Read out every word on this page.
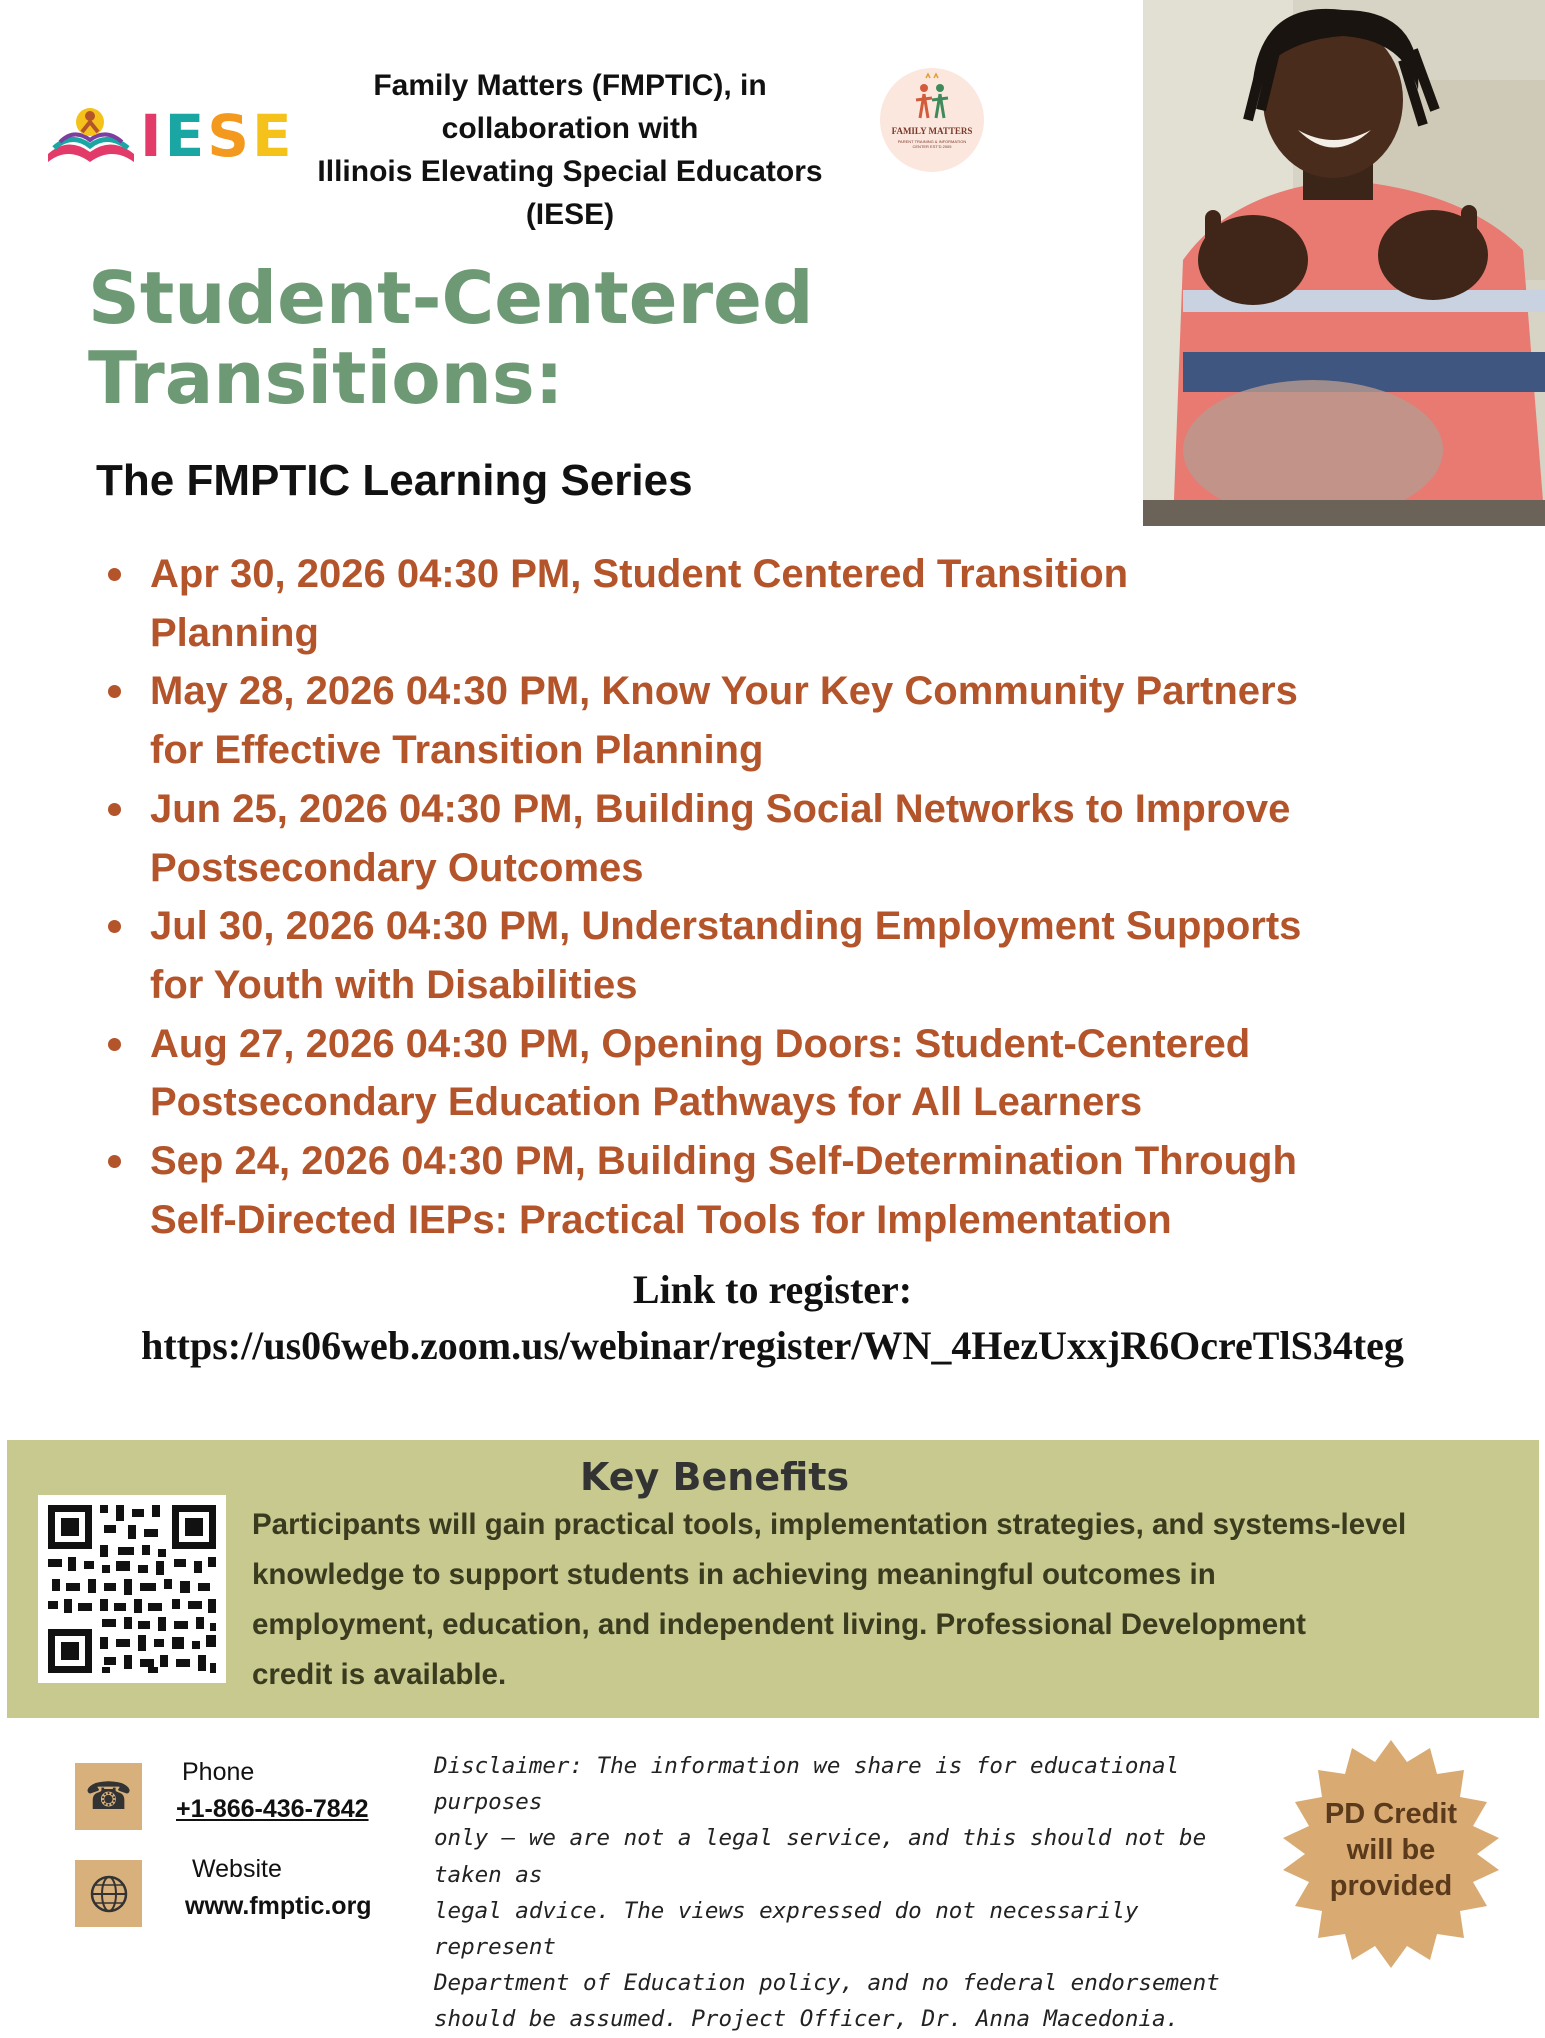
IESE
Family Matters (FMPTIC), in
collaboration with
Illinois Elevating Special Educators
(IESE)
FAMILY MATTERS
PARENT TRAINING & INFORMATION CENTER EST'D 2005
Student-Centered
Transitions:
The FMPTIC Learning Series
Apr 30, 2026 04:30 PM, Student Centered Transition
Planning
May 28, 2026 04:30 PM, Know Your Key Community Partners
for Effective Transition Planning
Jun 25, 2026 04:30 PM, Building Social Networks to Improve
Postsecondary Outcomes
Jul 30, 2026 04:30 PM, Understanding Employment Supports
for Youth with Disabilities
Aug 27, 2026 04:30 PM, Opening Doors: Student-Centered
Postsecondary Education Pathways for All Learners
Sep 24, 2026 04:30 PM, Building Self-Determination Through
Self-Directed IEPs: Practical Tools for Implementation
Link to register:
https://us06web.zoom.us/webinar/register/WN_4HezUxxjR6OcreTlS34teg
Key Benefits
Participants will gain practical tools, implementation strategies, and systems-level
knowledge to support students in achieving meaningful outcomes in
employment, education, and independent living. Professional Development
credit is available.
☎
Phone
+1-866-436-7842
Website
www.fmptic.org
Disclaimer: The information we share is for educational purposes
only — we are not a legal service, and this should not be taken as
legal advice. The views expressed do not necessarily represent
Department of Education policy, and no federal endorsement
should be assumed. Project Officer, Dr. Anna Macedonia.
PD Credit
will be
provided
